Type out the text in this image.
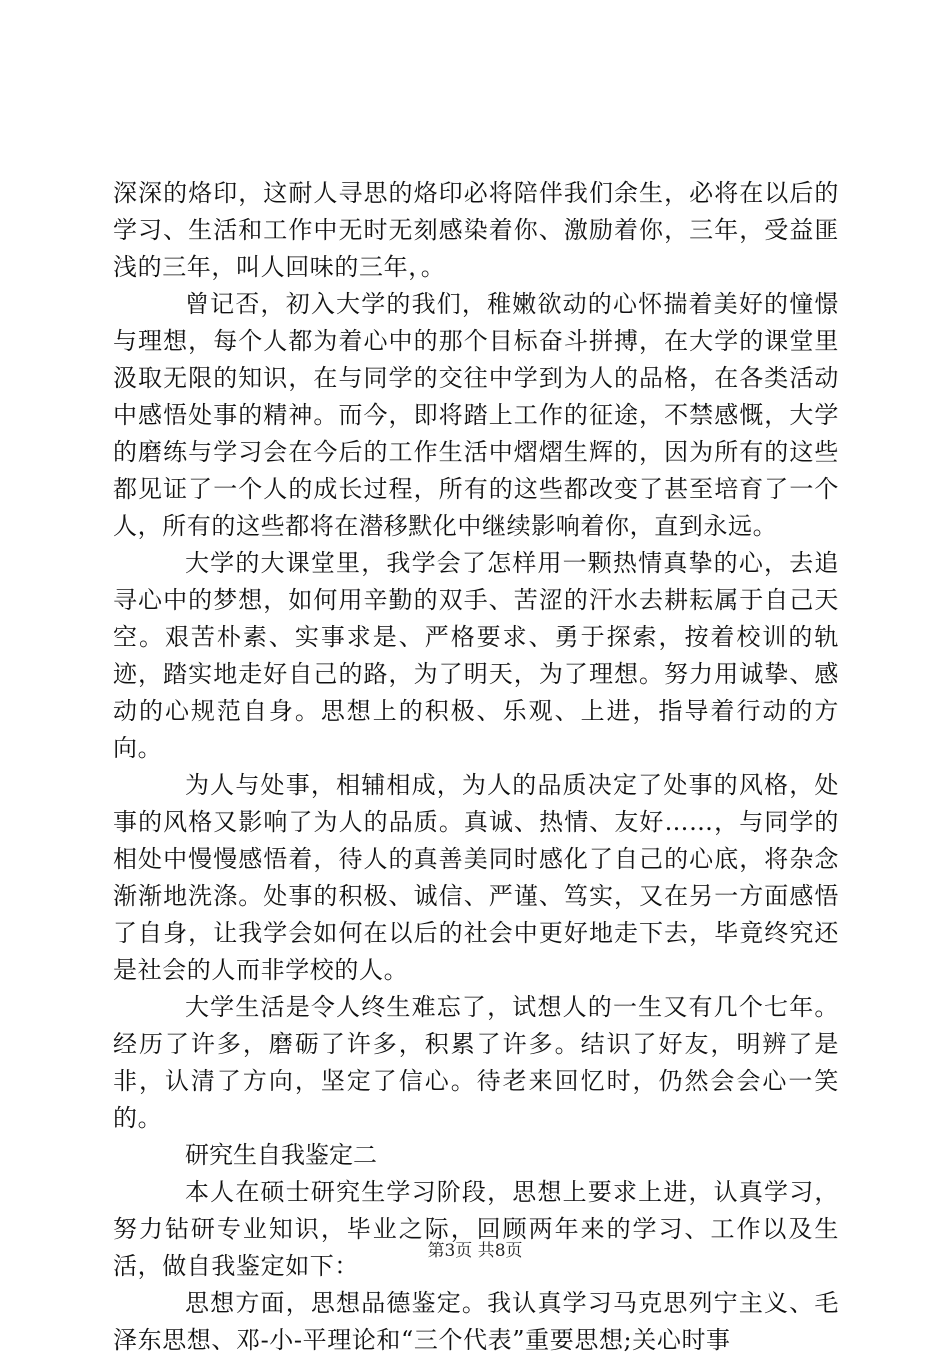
深深的烙印，这耐人寻思的烙印必将陪伴我们余生，必将在以后的学习、生活和工作中无时无刻感染着你、激励着你，三年，受益匪浅的三年，叫人回味的三年，。

曾记否，初入大学的我们，稚嫩欲动的心怀揣着美好的憧憬与理想，每个人都为着心中的那个目标奋斗拼搏，在大学的课堂里汲取无限的知识，在与同学的交往中学到为人的品格，在各类活动中感悟处事的精神。而今，即将踏上工作的征途，不禁感慨，大学的磨练与学习会在今后的工作生活中熠熠生辉的，因为所有的这些都见证了一个人的成长过程，所有的这些都改变了甚至培育了一个人，所有的这些都将在潜移默化中继续影响着你，直到永远。

大学的大课堂里，我学会了怎样用一颗热情真挚的心，去追寻心中的梦想，如何用辛勤的双手、苦涩的汗水去耕耘属于自己天空。艰苦朴素、实事求是、严格要求、勇于探索，按着校训的轨迹，踏实地走好自己的路，为了明天，为了理想。努力用诚挚、感动的心规范自身。思想上的积极、乐观、上进，指导着行动的方向。

为人与处事，相辅相成，为人的品质决定了处事的风格，处事的风格又影响了为人的品质。真诚、热情、友好……，与同学的相处中慢慢感悟着，待人的真善美同时感化了自己的心底，将杂念渐渐地洗涤。处事的积极、诚信、严谨、笃实，又在另一方面感悟了自身，让我学会如何在以后的社会中更好地走下去，毕竟终究还是社会的人而非学校的人。

大学生活是令人终生难忘了，试想人的一生又有几个七年。经历了许多，磨砺了许多，积累了许多。结识了好友，明辨了是非，认清了方向，坚定了信心。待老来回忆时，仍然会会心一笑的。

研究生自我鉴定二

本人在硕士研究生学习阶段，思想上要求上进，认真学习，努力钻研专业知识，毕业之际，回顾两年来的学习、工作以及生活，做自我鉴定如下：

思想方面，思想品德鉴定。我认真学习马克思列宁主义、毛泽东思想、邓-小-平理论和“三个代表”重要思想;关心时事

第3页 共8页
